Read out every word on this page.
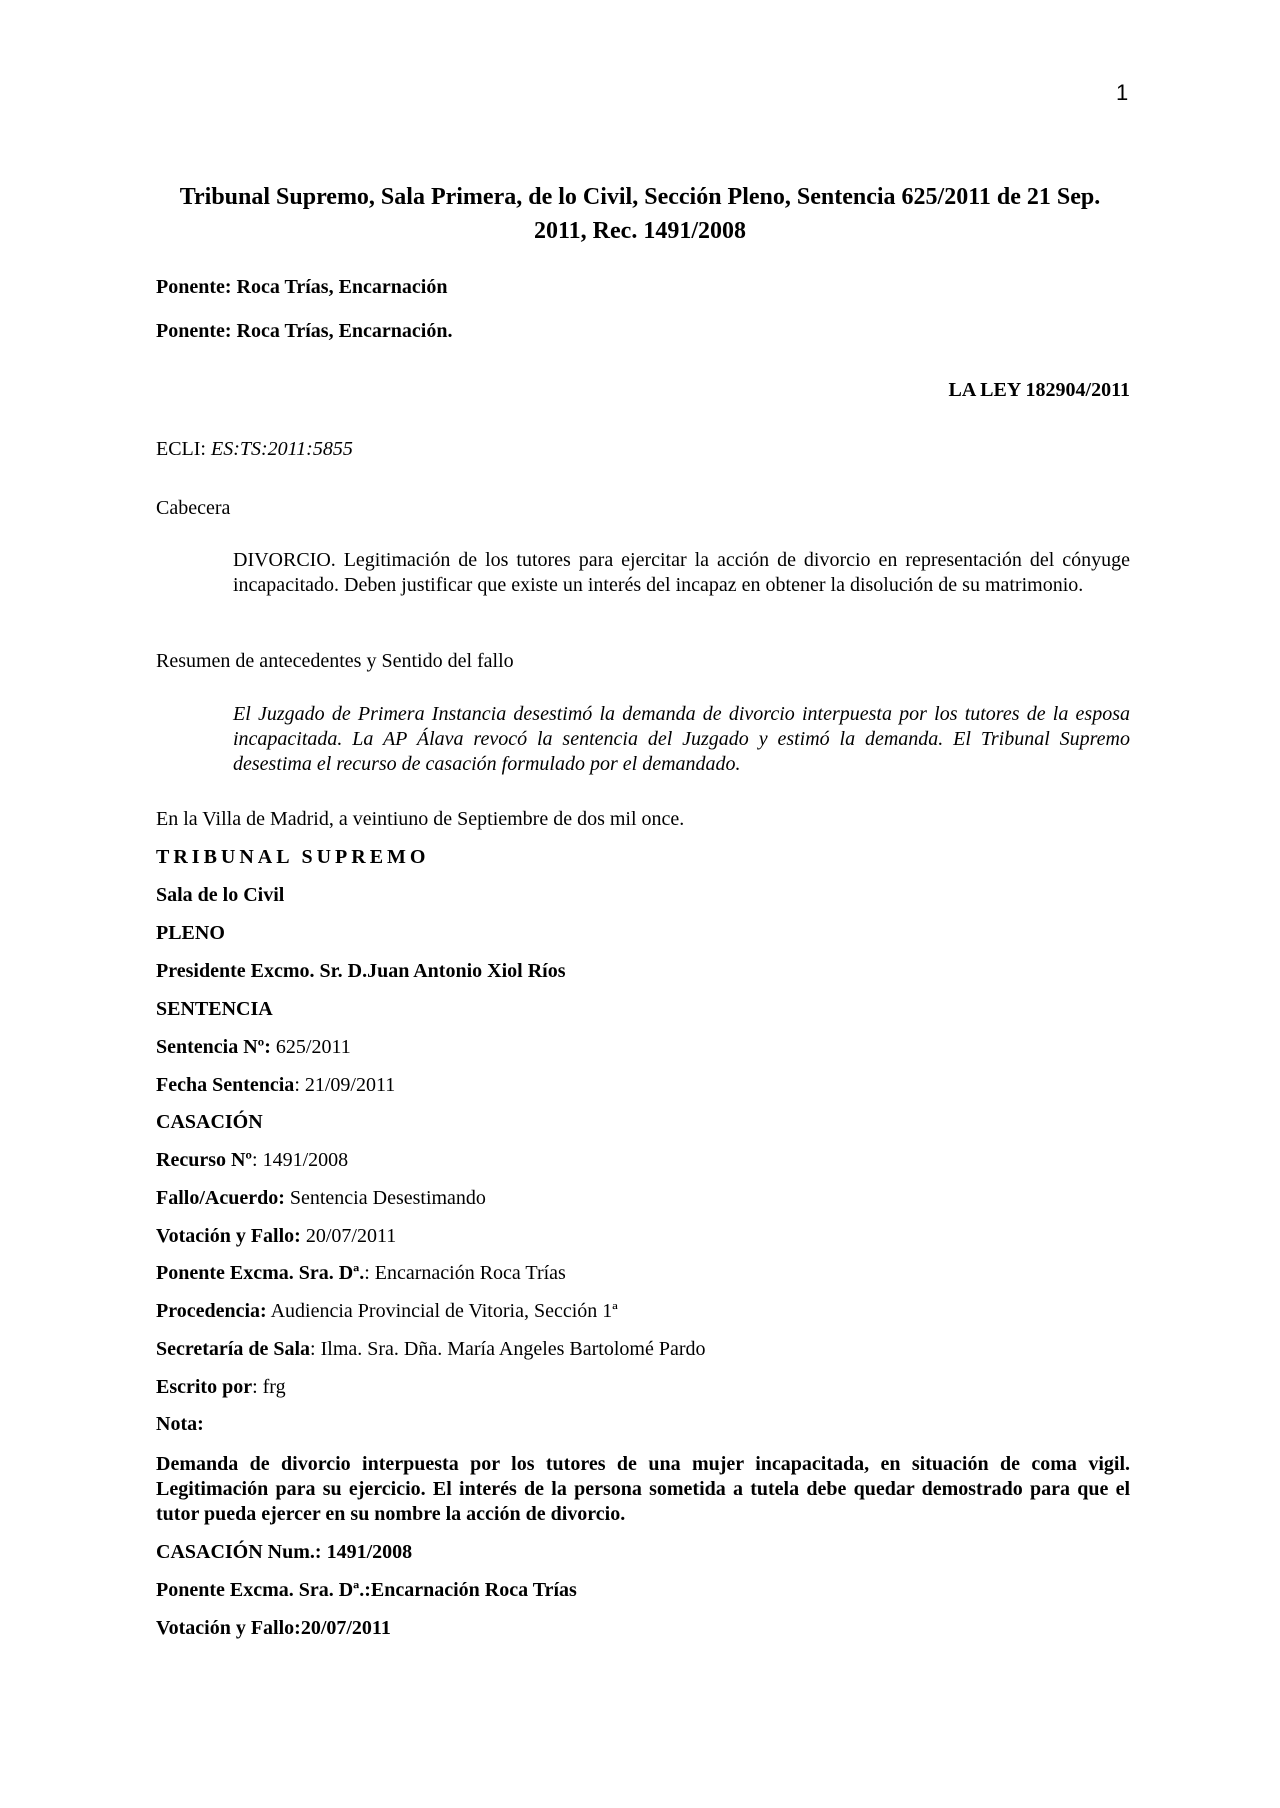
1
Tribunal Supremo, Sala Primera, de lo Civil, Sección Pleno, Sentencia 625/2011 de 21 Sep. 2011, Rec. 1491/2008
Ponente: Roca Trías, Encarnación
Ponente: Roca Trías, Encarnación.
LA LEY 182904/2011
ECLI: ES:TS:2011:5855
Cabecera
DIVORCIO. Legitimación de los tutores para ejercitar la acción de divorcio en representación del cónyuge incapacitado. Deben justificar que existe un interés del incapaz en obtener la disolución de su matrimonio.
Resumen de antecedentes y Sentido del fallo
El Juzgado de Primera Instancia desestimó la demanda de divorcio interpuesta por los tutores de la esposa incapacitada. La AP Álava revocó la sentencia del Juzgado y estimó la demanda. El Tribunal Supremo desestima el recurso de casación formulado por el demandado.
En la Villa de Madrid, a veintiuno de Septiembre de dos mil once.
TRIBUNAL SUPREMO
Sala de lo Civil
PLENO
Presidente Excmo. Sr. D.Juan Antonio Xiol Ríos
SENTENCIA
Sentencia Nº: 625/2011
Fecha Sentencia: 21/09/2011
CASACIÓN
Recurso Nº: 1491/2008
Fallo/Acuerdo: Sentencia Desestimando
Votación y Fallo: 20/07/2011
Ponente Excma. Sra. Dª.: Encarnación Roca Trías
Procedencia: Audiencia Provincial de Vitoria, Sección 1ª
Secretaría de Sala: Ilma. Sra. Dña. María Angeles Bartolomé Pardo
Escrito por: frg
Nota:
Demanda de divorcio interpuesta por los tutores de una mujer incapacitada, en situación de coma vigil. Legitimación para su ejercicio. El interés de la persona sometida a tutela debe quedar demostrado para que el tutor pueda ejercer en su nombre la acción de divorcio.
CASACIÓN Num.: 1491/2008
Ponente Excma. Sra. Dª.:Encarnación Roca Trías
Votación y Fallo:20/07/2011
